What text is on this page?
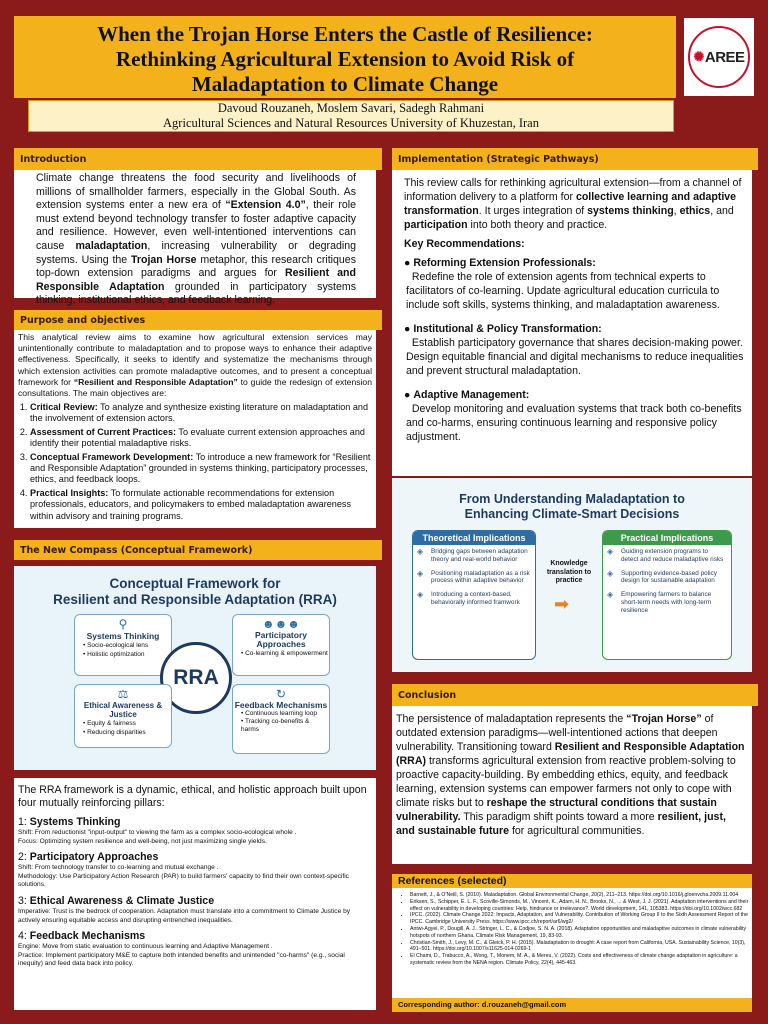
When the Trojan Horse Enters the Castle of Resilience:
Rethinking Agricultural Extension to Avoid Risk of
Maladaptation to Climate Change
✺ AREE
Davoud Rouzaneh, Moslem Savari, Sadegh Rahmani
Agricultural Sciences and Natural Resources University of Khuzestan, Iran
Introduction
Climate change threatens the food security and livelihoods of millions of smallholder farmers, especially in the Global South. As extension systems enter a new era of “Extension 4.0”, their role must extend beyond technology transfer to foster adaptive capacity and resilience. However, even well-intentioned interventions can cause maladaptation, increasing vulnerability or degrading systems. Using the Trojan Horse metaphor, this research critiques top-down extension paradigms and argues for Resilient and Responsible Adaptation grounded in participatory systems thinking, institutional ethics, and feedback learning.
Purpose and objectives
This analytical review aims to examine how agricultural extension services may unintentionally contribute to maladaptation and to propose ways to enhance their adaptive effectiveness. Specifically, it seeks to identify and systematize the mechanisms through which extension activities can promote maladaptive outcomes, and to present a conceptual framework for “Resilient and Responsible Adaptation” to guide the redesign of extension consultations. The main objectives are:
1. Critical Review: To analyze and synthesize existing literature on maladaptation and the involvement of extension actors.
2. Assessment of Current Practices: To evaluate current extension approaches and identify their potential maladaptive risks.
3. Conceptual Framework Development: To introduce a new framework for “Resilient and Responsible Adaptation” grounded in systems thinking, participatory processes, ethics, and feedback loops.
4. Practical Insights: To formulate actionable recommendations for extension professionals, educators, and policymakers to embed maladaptation awareness within advisory and training programs.
The New Compass (Conceptual Framework)
Conceptual Framework for
Resilient and Responsible Adaptation (RRA)
⚲
Systems Thinking
• Socio-ecological lens
• Holistic optimization
☻☻☻
Participatory Approaches
• Co-learning & empowerment
RRA
⚖
Ethical Awareness & Justice
• Equity & fairness
• Reducing disparities
↻
Feedback Mechanisms
• Continuous learning loop
• Tracking co-benefits & harms
The RRA framework is a dynamic, ethical, and holistic approach built upon four mutually reinforcing pillars:
1: Systems Thinking
Shift: From reductionist "input-output" to viewing the farm as a complex socio-ecological whole .
Focus: Optimizing system resilience and well-being, not just maximizing single yields.
2: Participatory Approaches
Shift: From technology transfer to co-learning and mutual exchange .
Methodology: Use Participatory Action Research (PAR) to build farmers' capacity to find their own context-specific solutions.
3: Ethical Awareness & Climate Justice
Imperative: Trust is the bedrock of cooperation. Adaptation must translate into a commitment to Climate Justice by actively ensuring equitable access and disrupting entrenched inequalities.
4: Feedback Mechanisms
Engine: Move from static evaluation to continuous learning and Adaptive Management .
Practice: Implement participatory M&E to capture both intended benefits and unintended "co-harms" (e.g., social inequity) and feed data back into policy.
Implementation (Strategic Pathways)
This review calls for rethinking agricultural extension—from a channel of information delivery to a platform for collective learning and adaptive transformation. It urges integration of systems thinking, ethics, and participation into both theory and practice.
Key Recommendations:
● Reforming Extension Professionals:
Redefine the role of extension agents from technical experts to facilitators of co-learning. Update agricultural education curricula to include soft skills, systems thinking, and maladaptation awareness.
● Institutional & Policy Transformation:
Establish participatory governance that shares decision-making power. Design equitable financial and digital mechanisms to reduce inequalities and prevent structural maladaptation.
● Adaptive Management:
Develop monitoring and evaluation systems that track both co-benefits and co-harms, ensuring continuous learning and responsive policy adjustment.
From Understanding Maladaptation to
Enhancing Climate-Smart Decisions
Theoretical Implications
◈ Bridging gaps between adaptation theory and real-world behavior
◈ Positioning maladaptation as a risk process within adaptive behavior
◈ Introducing a context-based, behaviorally informed framwork
Knowledge translation to practice
➡
Practical Implications
◈ Guiding extension programs to detect and reduce maladaptive risks
◈ Supporting evidence-based policy design for sustainable adaptation
◈ Empowering farmers to balance short-term needs with long-term resilience
Conclusion
The persistence of maladaptation represents the “Trojan Horse” of outdated extension paradigms—well-intentioned actions that deepen vulnerability. Transitioning toward Resilient and Responsible Adaptation (RRA) transforms agricultural extension from reactive problem-solving to proactive capacity-building. By embedding ethics, equity, and feedback learning, extension systems can empower farmers not only to cope with climate risks but to reshape the structural conditions that sustain vulnerability. This paradigm shift points toward a more resilient, just, and sustainable future for agricultural communities.
References (selected)
• Barnett, J., & O'Neill, S. (2010). Maladaptation. Global Environmental Change, 20(2), 211–213. https://doi.org/10.1016/j.gloenvcha.2009.11.004
• Eriksen, S., Schipper, E. L. F., Scoville-Simonds, M., Vincent, K., Adam, H. N., Brooks, N., ... & West, J. J. (2021). Adaptation interventions and their effect on vulnerability in developing countries: Help, hindrance or irrelevance?. World development, 141, 105383. https://doi.org/10.1002/wcc.682
• IPCC. (2022). Climate Change 2022: Impacts, Adaptation, and Vulnerability. Contribution of Working Group II to the Sixth Assessment Report of the IPCC. Cambridge University Press. https://www.ipcc.ch/report/ar6/wg2/
• Antwi-Agyei, P., Dougill, A. J., Stringer, L. C., & Codjoe, S. N. A. (2018). Adaptation opportunities and maladaptive outcomes in climate vulnerability hotspots of northern Ghana. Climate Risk Management, 19, 83-93.
• Christian-Smith, J., Levy, M. C., & Gleick, P. H. (2015). Maladaptation to drought: A case report from California, USA. Sustainability Science, 10(3), 491–501. https://doi.org/10.1007/s11625-014-0269-1
• El Chami, D., Trabucco, A., Wong, T., Monem, M. A., & Mereu, V. (2022). Costs and effectiveness of climate change adaptation in agriculture: a systematic review from the NENA region. Climate Policy, 22(4), 445-463.
Corresponding author: d.rouzaneh@gmail.com
